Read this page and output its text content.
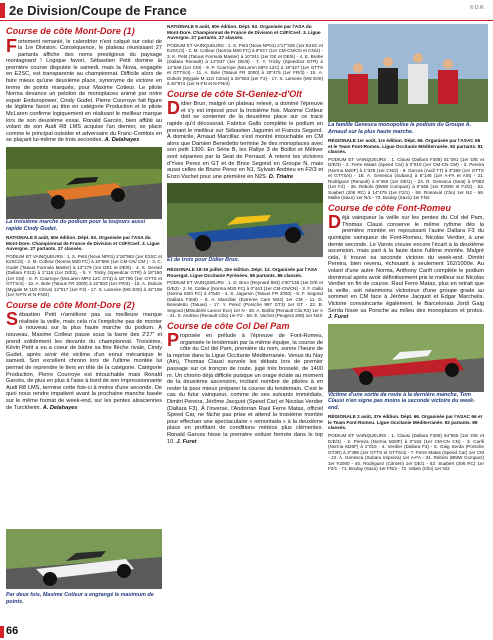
2e Division/Coupe de France	© D.R.
Course de côte Mont-Dore (1)
Fortement remanié, le calendrier n'est calqué sur celui de la 1re Division. Conséquence, le plateau réunissant 27 partants affiche des noms prestigieux du paysage montagnard ! Logique favori, Sébastien Petit domine la première course disputée le samedi, mais la Nova, engagée en E2SC, est transparente au championnat. Difficile alors de faire mieux qu'une deuxième place, synonyme de victoire en terme de points marqués, pour Maxime Cotleur. Le pilote Norma devance un peloton de monoplaces animé par notre espoir Enduropower, Cindy Gudet. Pierre Courroye fait figure de légitime favori au titre en catégorie Production et le pilote McLaren confirme logiquement en réalisant le meilleur marque lors de son deuxième essai. Ronald Garcès, bien affûté au volant de son Audi R8 LMS acquise l'an dernier, se place comme le principal outsider et adversaire du Franc-Comtois en se plaçant lui-même de trois secondes. A. Delahayes
La troisième marche du podium pour la toujours aussi rapide Cindy Gudet.
NATIONALE 8 août, 60e édition. Dépt. 63. Organisée par l'ASA du Mont-Dore. Championnat de France de Division et CdF/Coef. 3. Ligue Auvergne. 27 partants. 27 classés.
PODIUM ET VAINQUEURS : 1. S. Petit (Nova NP01) 2'18"593 (1er E2SC et E2SC/3) - 2. M. Cotleur (Norma M20 FC) à 10"580 (1er CM-CN/ CM ) - 3. C. Gudet (Tatuus Formula Master) à 13"179 (1re DE1 et DE/6) - 4. S. Gerard (Dallara F312) à 1"116 (1er D/E3), - 5. Y. Tricky (Speedcar GTR) à 18"180 (1er CM) - 6. P. Courroye (McLaren MP4 12C GT3) à 18"790 (1er GTTS et GTTS/4) - 10. A. Bole (Tatuus FR 2000) à 22"503 (1er FR/3) - 15. A. Dubois (Mygale M 11O Citrus) 12"017 (1er F2) - 17. S. Lameire (MS E00) à 42"108 (1er N-FN et N-FN/4)
Course de côte Mont-Dore (2)
Sébastien Petit n'améliore pas sa meilleure marque réalisée la veille, mais cela n'a l'empêche pas de monter à nouveau sur la plus haute marche du podium. À nouveau, Maxime Cotleur passe sous la barre des 2'27" et prend solidement les devants du championnat. Troisième, Kévin Petit a eu a coeur de battre sa fine flèche rivale, Cindy Gudet, après avoir été victime d'un ennui mécanique le samedi. Son excellent chrono lors de l'ultime montée lui permet de reprendre le tiers en tête de la catégorie. Catégorie Production, Pierre Courroye est intouchable mais Ronald Garcès, de plus en plus à l'aise à bord de son impressionnante Audi R8 LMS, termine cette fois-ci à moins d'une seconde. De quoi nous rendre impatient avant la prochaine manche basée sur le même format de week-end, sur les pentes alsaciennes de Turckheim. A. Delahayes
Par deux fois, Maxime Cotleur a engrangé le maximum de points.
NATIONALE 9 août, 60e édition. Dépt. 63. Organisée par l'ASA du Mont-Dore. Championnat de France de Division et CdF/Coef. 3. Ligue Auvergne. 27 partants. 27 classés.
PODIUM ET VAINQUEURS : 1. S. Petit (Nova NP01) 2'17"335 (1er E2SC et E2SC/3) - 2. M. Cotleur (Norma M20 FC) à 9"617 (1er CM-CN/CN et CN/2) - 3. K. Petit (Tatuus Formula Master) à 10"241 (1er DE et DE/6) - 4. E. Brebe (Dallara Renault) à 12"637 (1er DE/6) - 7. Y. Tricky (Speedcar GTR) à 14"548 (1er CM) - 9. P. Courroye (McLaren MP4 12C) à 18"427 (1er GTTS et GTTS/4) - 11. A. Bole (Tatuus FR 2000) à 20"475 (1er FR/3) - 15. A. Dubois (Mygale M 11O Citrus) à 28"563 (1er F2) - 17. S. Lameire (MS E00) à 40"974 (1er N-FN et N-FN/4)
Course de côte St-Geniez-d'Olt
Didier Brun, malgré un plateau relevé, a dominé l'épreuve et s'y est imposé pour la troisième fois. Maxime Cotleur doit se contenter de la deuxième place sur ce tracé rapide qu'il découvrait. Fabrice Gallo complète le podium en prenant le meilleur sur Sébastien Jagumin et Francis Segond. À domicile, Arnaud Marcillac s'est montré intouchable en CM alors que Damien Benedetto termine 3e des monoplaces avec son petit 1300. En Série B, les Rallye 3 de Boillot et Méliver sont séparées par la Seat de Perraud. À retenir les victoires d'Yves Perez en GT et de Brice Segond en Groupe N, mais aussi celles de Bruno Perez en N1, Sylvain Andrieu en F2/3 et Enzo Vachet pour une première en N2S. D. Triaire
Et de trois pour Didier Brun.
RÉGIONALE 18-19 juillet, 32e édition. Dépt. 12. Organisée par l'ASA Rouergat. Ligue Occitanie Pyrénées. 86 partants. 86 classés.
PODIUM ET VAINQUEURS : 1. D. Brun (Reynard 893) 4'30"136 (1er D/E et D/E3) - 2. M. Cotleur (Norma M20 FC) à 0"443 (1er CM-CN/CN) - 3. F. Gallo (Norma M20 FC) à 4"640 - 4. S. Jagumin (Tatuus FR 2000) - 5. F. Segond (Dallara F308) - 8. A. Marcillac (Extreme Cars M24) 1er CM - 11. D. Benedetto (Tatuus) - 17. Y. Perez (Porsche 997 GT3) 1er GT - 22. B. Segond (Mitsubishi Lancer Evo) 1er N - 30. A. Boillot (Renault Clio R3) 1er A - 41. S. Andrieu (Renault Clio) 1er F2 - 56. E. Vachet (Peugeot 208) 1er N2S
Course de côte Col Del Pam
Proposée en prélude à l'épreuve de Font-Romeu, organisée le lendemain par la même équipe, la course de côte du Col del Pam, première du nom, sonne l'heure de la reprise dans la Ligue Occitanie Méditerranée. Venus du Nay (Ain), Thomas Clausi survole les débats lors de premier passage sur ce tronçon de route, jugé très bosselé, de 1400 m. Un chrono déjà difficile puisque un orage éclate au moment de la deuxième ascension, incitant nombre de pilotes à en rester là pour mieux préparer la course du lendemain. C'est le cas du futur vainqueur, comme de ses suivants immédiats, Dimitri Pereira, Jérôme Jacquot (Speed Car) et Nicolas Verdier (Dallara F3). À l'inverse, l'Andorran Raul Ferre Matas, officiel Speed Car, ne fâche pas prise et attend la troisième montée pour effectuer une spectaculaire « remontada » à la deuxième place en profitant de conditions météos plus clémentes. Ronald Garces hisse la première voiture fermée dans le top 10. J. Furet
La famille Genesca monopolise le podium du Groupe A, Arnaud sur la plus haute marche.
RÉGIONALE 1er août, 1re édition. Dépt. 66. Organisée par l'ASAC 66 et le Team Font-Romeu. Ligue Occitanie Méditerranée. 92 partants. 81 classés.
PODIUM ET VAINQUEURS : 1. Clausi (Dallara F308) 51"091 (1er D/E et D/E/3) - 2. Ferre Matas (Speed Car) à 0"510 (1er CM-CN CM) - 3. Pereira (Norma M20F) à 1"328 (1er CN/2) - 8. Garces (Audi TT) à 3"369 (1er GTTS et GTTS/4) - 18. A. Genesca (Subaru) à 6"146 (1er A-FA et A/8) - 21. Rodriguez (Renault) à 8"460 (1er DE/1) - 24. R. Genesca (Seat) à 9"083 (1er F2) - 35. Rebolo (BMW Compact) à 9"466 (1er F2000 et F2/3) - 53. Suabert (206 RC) à 14"475 (1er F2/1) - 58. Rosarval (Clio) 1er N2 - 69. Mallie (Saxo) 1er N/1 - 73. Boulay (Saxo) 1er FN2
Course de côte Font-Romeu
Déjà vainqueur la veille sur les pentes du Col del Pam, Thomas Clausi conserve le même rythme dès la première montée en repoussant l'autre Dallara F3 du quintuple vainqueur de Font-Romeu, Nicolas Verdier, à une demie seconde. Le Varois creuse encore l'écart à la deuxième ascension, mais part à la faute dans l'ultime montée. Malgré cela, il trouve sa seconde victoire du week-end. Dimitri Pereira, bien revenu, échouant à seulement 162/1000e. Au volant d'une autre Norma, Anthony Carifi complète le podium dominical après avoir définitivement pris le meilleur sur Nicolas Verdier en fin de course. Raul Ferre Matas, plus en retrait que la veille, soit néanmoins victorieux d'une groupe grade au sommet en CM face à Jérôme Jacquot et Edgar Marchelis. Victoire convaincante également, le Barcelonais Jordi Gaig Serda hisse sa Porsche au milieu des monoplaces et protos. J. Furet
Victime d'une sortie de route à la dernière manche, Tom Clausi n'en signe pas moins la seconde victoire du week-end.
RÉGIONALE 2 août, 37e édition. Dépt. 66. Organisée par l'ASAC 66 et le Team Font-Romeu. Ligue Occitanie Méditerranée. 92 partants. 89 classés.
PODIUM ET VAINQUEURS : 1. Clausi (Dallara F308) 64"565 (1er D/E et D/E/3) - 2. Pereira (Norma M20F) à 0"162 (1er CM-CN CN) - 3. Carifi (Norma M20F) à 1"015 - 4. Verdier (Dallara F3) - 5. Gaig Serda (Porsche GT3R) à 3"386 (1er GTTS et GTTS/4) - 7. Ferre Matas (Speed Car) 1er CM - 22. A. Genesca (Subaru Impreza) 1er A-FA - 34. Rebolo (BMW Compact) 1er F2000 - 40. Rodriguez (Citroën) 1er DE/1 - 62. Suabert (206 RC) 1er F2/1 - 71. Boulay (Saxo) 1er FN/2 - 72. Valain (Clio) 1er N/2
66
